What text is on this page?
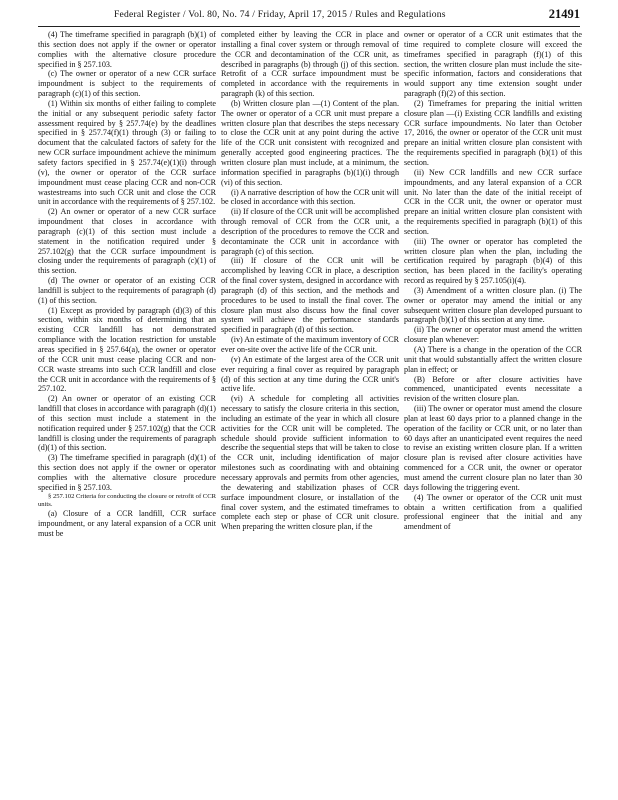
Federal Register / Vol. 80, No. 74 / Friday, April 17, 2015 / Rules and Regulations	21491

(4) The timeframe specified in paragraph (b)(1) of this section does not apply if the owner or operator complies with the alternative closure procedure specified in § 257.103.

(c) The owner or operator of a new CCR surface impoundment is subject to the requirements of paragraph (c)(1) of this section.

(1) Within six months of either failing to complete the initial or any subsequent periodic safety factor assessment required by § 257.74(e) by the deadlines specified in § 257.74(f)(1) through (3) or failing to document that the calculated factors of safety for the new CCR surface impoundment achieve the minimum safety factors specified in § 257.74(e)(1)(i) through (v), the owner or operator of the CCR surface impoundment must cease placing CCR and non-CCR wastestreams into such CCR unit and close the CCR unit in accordance with the requirements of § 257.102.

(2) An owner or operator of a new CCR surface impoundment that closes in accordance with paragraph (c)(1) of this section must include a statement in the notification required under § 257.102(g) that the CCR surface impoundment is closing under the requirements of paragraph (c)(1) of this section.

(d) The owner or operator of an existing CCR landfill is subject to the requirements of paragraph (d)(1) of this section.

(1) Except as provided by paragraph (d)(3) of this section, within six months of determining that an existing CCR landfill has not demonstrated compliance with the location restriction for unstable areas specified in § 257.64(a), the owner or operator of the CCR unit must cease placing CCR and non-CCR waste streams into such CCR landfill and close the CCR unit in accordance with the requirements of § 257.102.

(2) An owner or operator of an existing CCR landfill that closes in accordance with paragraph (d)(1) of this section must include a statement in the notification required under § 257.102(g) that the CCR landfill is closing under the requirements of paragraph (d)(1) of this section.

(3) The timeframe specified in paragraph (d)(1) of this section does not apply if the owner or operator complies with the alternative closure procedure specified in § 257.103.

§ 257.102 Criteria for conducting the closure or retrofit of CCR units.

(a) Closure of a CCR landfill, CCR surface impoundment, or any lateral expansion of a CCR unit must be

completed either by leaving the CCR in place and installing a final cover system or through removal of the CCR and decontamination of the CCR unit, as described in paragraphs (b) through (j) of this section. Retrofit of a CCR surface impoundment must be completed in accordance with the requirements in paragraph (k) of this section.

(b) Written closure plan —(1) Content of the plan. The owner or operator of a CCR unit must prepare a written closure plan that describes the steps necessary to close the CCR unit at any point during the active life of the CCR unit consistent with recognized and generally accepted good engineering practices. The written closure plan must include, at a minimum, the information specified in paragraphs (b)(1)(i) through (vi) of this section.

(i) A narrative description of how the CCR unit will be closed in accordance with this section.

(ii) If closure of the CCR unit will be accomplished through removal of CCR from the CCR unit, a description of the procedures to remove the CCR and decontaminate the CCR unit in accordance with paragraph (c) of this section.

(iii) If closure of the CCR unit will be accomplished by leaving CCR in place, a description of the final cover system, designed in accordance with paragraph (d) of this section, and the methods and procedures to be used to install the final cover. The closure plan must also discuss how the final cover system will achieve the performance standards specified in paragraph (d) of this section.

(iv) An estimate of the maximum inventory of CCR ever on-site over the active life of the CCR unit.

(v) An estimate of the largest area of the CCR unit ever requiring a final cover as required by paragraph (d) of this section at any time during the CCR unit's active life.

(vi) A schedule for completing all activities necessary to satisfy the closure criteria in this section, including an estimate of the year in which all closure activities for the CCR unit will be completed. The schedule should provide sufficient information to describe the sequential steps that will be taken to close the CCR unit, including identification of major milestones such as coordinating with and obtaining necessary approvals and permits from other agencies, the dewatering and stabilization phases of CCR surface impoundment closure, or installation of the final cover system, and the estimated timeframes to complete each step or phase of CCR unit closure. When preparing the written closure plan, if the

owner or operator of a CCR unit estimates that the time required to complete closure will exceed the timeframes specified in paragraph (f)(1) of this section, the written closure plan must include the site-specific information, factors and considerations that would support any time extension sought under paragraph (f)(2) of this section.

(2) Timeframes for preparing the initial written closure plan —(i) Existing CCR landfills and existing CCR surface impoundments. No later than October 17, 2016, the owner or operator of the CCR unit must prepare an initial written closure plan consistent with the requirements specified in paragraph (b)(1) of this section.

(ii) New CCR landfills and new CCR surface impoundments, and any lateral expansion of a CCR unit. No later than the date of the initial receipt of CCR in the CCR unit, the owner or operator must prepare an initial written closure plan consistent with the requirements specified in paragraph (b)(1) of this section.

(iii) The owner or operator has completed the written closure plan when the plan, including the certification required by paragraph (b)(4) of this section, has been placed in the facility's operating record as required by § 257.105(i)(4).

(3) Amendment of a written closure plan. (i) The owner or operator may amend the initial or any subsequent written closure plan developed pursuant to paragraph (b)(1) of this section at any time.

(ii) The owner or operator must amend the written closure plan whenever:

(A) There is a change in the operation of the CCR unit that would substantially affect the written closure plan in effect; or

(B) Before or after closure activities have commenced, unanticipated events necessitate a revision of the written closure plan.

(iii) The owner or operator must amend the closure plan at least 60 days prior to a planned change in the operation of the facility or CCR unit, or no later than 60 days after an unanticipated event requires the need to revise an existing written closure plan. If a written closure plan is revised after closure activities have commenced for a CCR unit, the owner or operator must amend the current closure plan no later than 30 days following the triggering event.

(4) The owner or operator of the CCR unit must obtain a written certification from a qualified professional engineer that the initial and any amendment of
